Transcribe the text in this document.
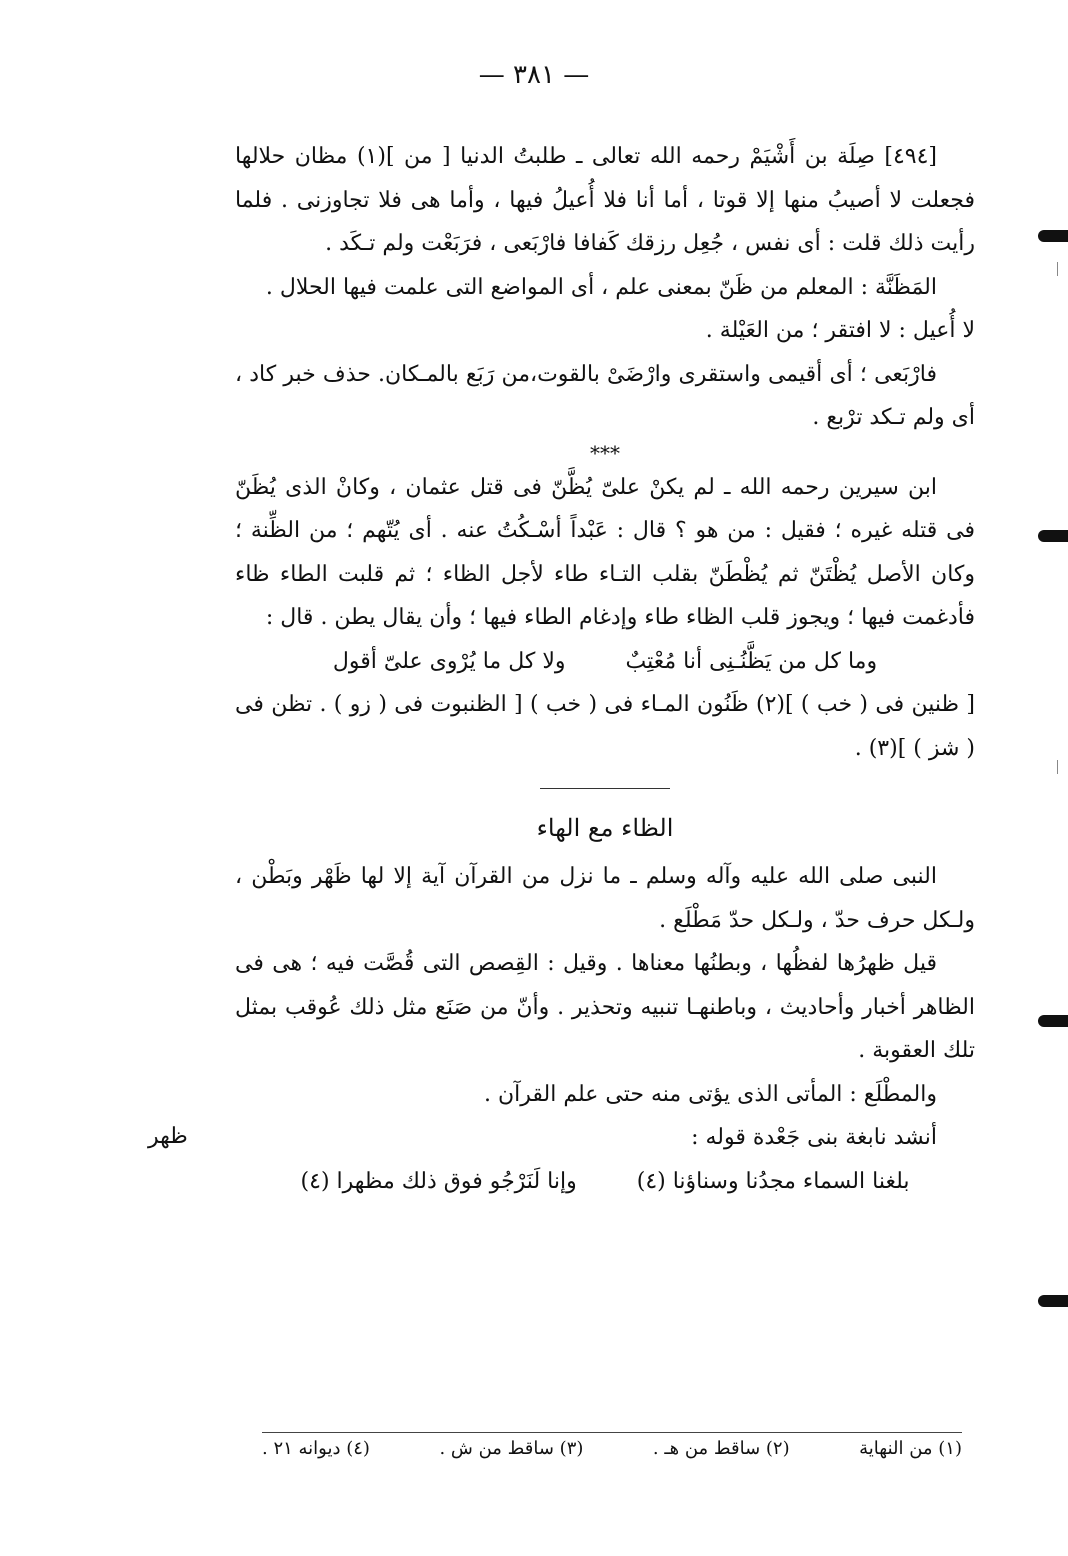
— ٣٨١ —

[٤٩٤] صِلَة بن أَشْيَمْ رحمه الله تعالى ـ طلبتُ الدنيا [ من ](١) مظان حلالها فجعلت لا أصيبُ منها إلا قوتا ، أما أنا فلا أُعيلُ فيها ، وأما هى فلا تجاوزنى . فلما رأيت ذلك قلت : أى نفس ، جُعِل رزقك كَفافا فارْبَعى ، فرَبَعْت ولم تـكَد .

المَظَنَّة : المعلم من ظَنّ بمعنى علم ، أى المواضع التى علمت فيها الحلال .

لا أُعيل : لا افتقر ؛ من العَيْلة .

فارْبَعى ؛ أى أقيمى واستقرى وارْضَىْ بالقوت،من رَبَع بالمـكان. حذف خبر كاد ، أى ولم تـكد ترْبع .

***

ابن سيرين رحمه الله ـ لم يكنْ علىّ يُظَّنّ فى قتل عثمان ، وكانْ الذى يُظَنّ فى قتله غيره ؛ فقيل : من هو ؟ قال : عَبْداً أسْـكُتُ عنه . أى يُتّهم ؛ من الظِّنة ؛ وكان الأصل يُظْتَنّ ثم يُظْطَنّ بقلب التـاء طاء لأجل الظاء ؛ ثم قلبت الطاء ظاء فأدغمت فيها ؛ ويجوز قلب الظاء طاء وإدغام الطاء فيها ؛ وأن يقال يطن . قال :

وما كل من يَظَّنُـنِى أنا مُعْتِبٌ
ولا كل ما يُرْوى علىّ أقول

[ ظنين فى ( خب ) ](٢) ظَنُون المـاء فى ( خب ) [ الظنبوت فى ( زو ) . تظن فى ( شز ) ](٣) .

الظاء مع الهاء

النبى صلى الله عليه وآله وسلم ـ ما نزل من القرآن آية إلا لها ظَهْر وبَطْن ، ولـكل حرف حدّ ، ولـكل حدّ مَطْلَع .

قيل ظهرُها لفظُها ، وبطنُها معناها . وقيل : القِصص التى قُصَّت فيه ؛ هى فى الظاهر أخبار وأحاديث ، وباطنهـا تنبيه وتحذير . وأنّ من صَنَع مثل ذلك عُوقب بمثل تلك العقوبة .

والمطْلَع : المأتى الذى يؤتى منه حتى علم القرآن .

أنشد نابغة بنى جَعْدة قوله :

بلغنا السماء مجدُنا وسناؤنا (٤)
وإنا لَنَرْجُو فوق ذلك مظهرا (٤)
ظهر
(١) من النهاية
(٢) ساقط من هـ .
(٣) ساقط من ش .
(٤) ديوانه ٢١ .
